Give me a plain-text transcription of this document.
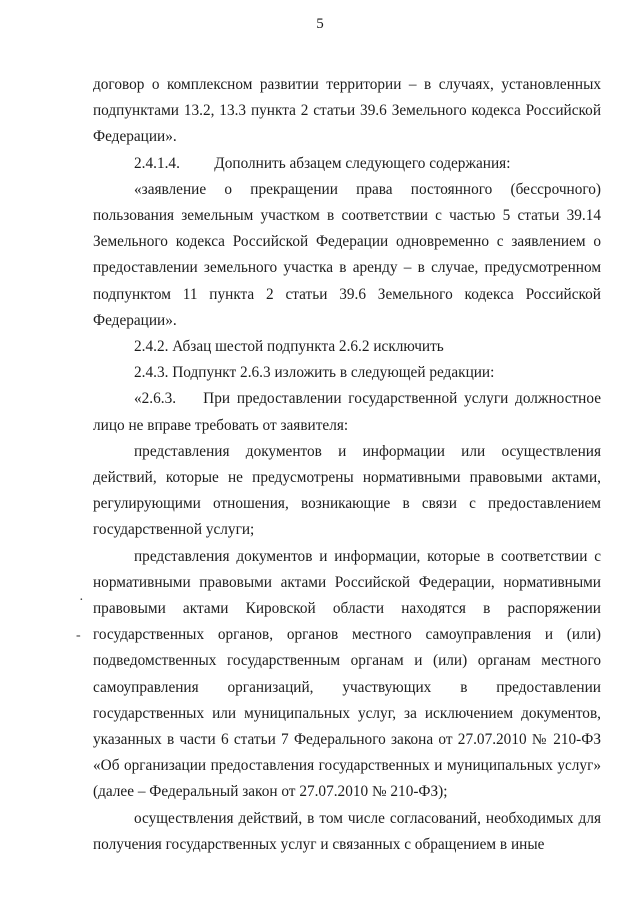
5
·
-

договор о комплексном развитии территории – в случаях, установленных подпунктами 13.2, 13.3 пункта 2 статьи 39.6 Земельного кодекса Российской Федерации».

2.4.1.4.         Дополнить абзацем следующего содержания:

«заявление о прекращении права постоянного (бессрочного) пользования земельным участком в соответствии с частью 5 статьи 39.14 Земельного кодекса Российской Федерации одновременно с заявлением о предоставлении земельного участка в аренду – в случае, предусмотренном подпунктом 11 пункта 2 статьи 39.6 Земельного кодекса Российской Федерации».

2.4.2. Абзац шестой подпункта 2.6.2 исключить

2.4.3. Подпункт 2.6.3 изложить в следующей редакции:

«2.6.3.    При предоставлении государственной услуги должностное лицо не вправе требовать от заявителя:

представления документов и информации или осуществления действий, которые не предусмотрены нормативными правовыми актами, регулирующими отношения, возникающие в связи с предоставлением государственной услуги;

представления документов и информации, которые в соответствии с нормативными правовыми актами Российской Федерации, нормативными правовыми актами Кировской области находятся в распоряжении государственных органов, органов местного самоуправления и (или) подведомственных государственным органам и (или) органам местного самоуправления организаций, участвующих в предоставлении государственных или муниципальных услуг, за исключением документов, указанных в части 6 статьи 7 Федерального закона от 27.07.2010 № 210-ФЗ «Об организации предоставления государственных и муниципальных услуг» (далее – Федеральный закон от 27.07.2010 № 210-ФЗ);

осуществления действий, в том числе согласований, необходимых для получения государственных услуг и связанных с обращением в иные
